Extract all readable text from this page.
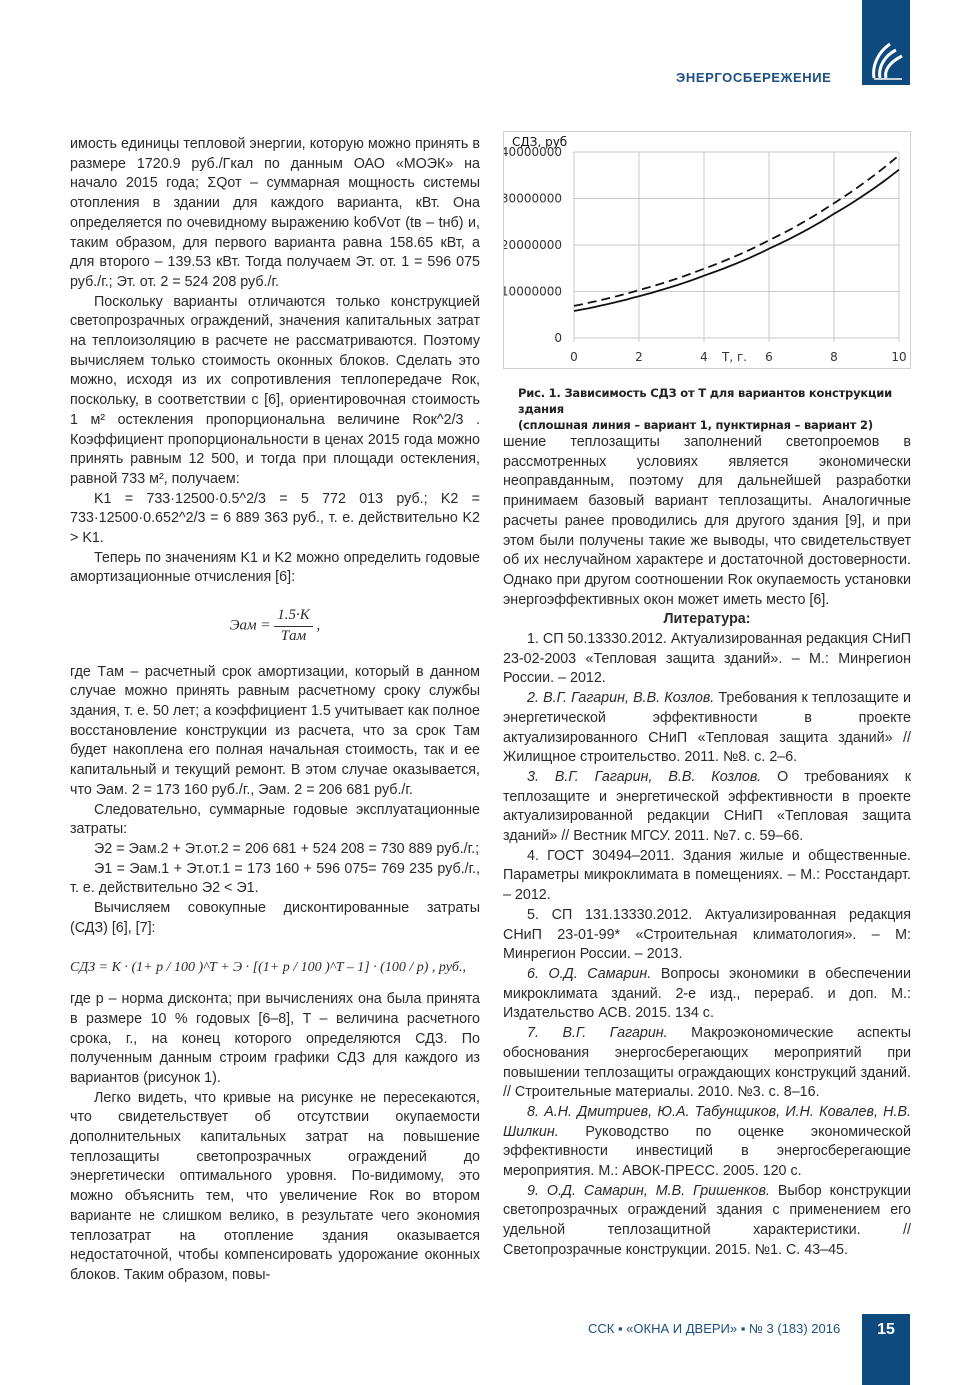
ЭНЕРГОСБЕРЕЖЕНИЕ

имость единицы тепловой энергии, которую можно принять в размере 1720.9 руб./Гкал по данным ОАО «МОЭК» на начало 2015 года; ΣQот – суммарная мощность системы отопления в здании для каждого варианта, кВт. Она определяется по очевидному выражению kобVот (tв – tнб) и, таким образом, для первого варианта равна 158.65 кВт, а для второго – 139.53 кВт. Тогда получаем Эт. от. 1 = 596 075 руб./г.; Эт. от. 2 = 524 208 руб./г.

Поскольку варианты отличаются только конструкцией светопрозрачных ограждений, значения капитальных затрат на теплоизоляцию в расчете не рассматриваются. Поэтому вычисляем только стоимость оконных блоков. Сделать это можно, исходя из их сопротивления теплопередаче Rок, поскольку, в соответствии с [6], ориентировочная стоимость 1 м² остекления пропорциональна величине Rок^2/3 . Коэффициент пропорциональности в ценах 2015 года можно принять равным 12 500, и тогда при площади остекления, равной 733 м², получаем:

K1 = 733·12500·0.5^2/3 = 5 772 013 руб.; K2 = 733·12500·0.652^2/3 = 6 889 363 руб., т. е. действительно K2 > K1.

Теперь по значениям K1 и K2 можно определить годовые амортизационные отчисления [6]:

Эам = $\frac{1.5\cdot K}{\text{Tам}}$ ,

где Tам – расчетный срок амортизации, который в данном случае можно принять равным расчетному сроку службы здания, т. е. 50 лет; а коэффициент 1.5 учитывает как полное восстановление конструкции из расчета, что за срок Tам будет накоплена его полная начальная стоимость, так и ее капитальный и текущий ремонт. В этом случае оказывается, что Эам. 2 = 173 160 руб./г., Эам. 2 = 206 681 руб./г.

Следовательно, суммарные годовые эксплуатационные затраты:

Э2 = Эам.2 + Эт.от.2 = 206 681 + 524 208 = 730 889 руб./г.;

Э1 = Эам.1 + Эт.от.1 = 173 160 + 596 075= 769 235 руб./г., т. е. действительно Э2 < Э1.

Вычисляем совокупные дисконтированные затраты (СДЗ) [6], [7]:

СДЗ = K · (1+ p / 100 )^T + Э · [(1+ p / 100 )^T – 1] · (100 / p) , руб.,

где p – норма дисконта; при вычислениях она была принята в размере 10 % годовых [6–8], T – величина расчетного срока, г., на конец которого определяются СДЗ. По полученным данным строим графики СДЗ для каждого из вариантов (рисунок 1).

Легко видеть, что кривые на рисунке не пересекаются, что свидетельствует об отсутствии окупаемости дополнительных капитальных затрат на повышение теплозащиты светопрозрачных ограждений до энергетически оптимального уровня. По-видимому, это можно объяснить тем, что увеличение Rок во втором варианте не слишком велико, в результате чего экономия теплозатрат на отопление здания оказывается недостаточной, чтобы компенсировать удорожание оконных блоков. Таким образом, повы-

0
10000000
20000000
30000000
40000000
0	2	4	6	8	10
СДЗ, руб
T, г.
Рис. 1. Зависимость СДЗ от Т для вариантов конструкции здания
(сплошная линия – вариант 1, пунктирная – вариант 2)

шение теплозащиты заполнений светопроемов в рассмотренных условиях является экономически неоправданным, поэтому для дальнейшей разработки принимаем базовый вариант теплозащиты. Аналогичные расчеты ранее проводились для другого здания [9], и при этом были получены такие же выводы, что свидетельствует об их неслучайном характере и достаточной достоверности. Однако при другом соотношении Rок окупаемость установки энергоэффективных окон может иметь место [6].

Литература:

1. СП 50.13330.2012. Актуализированная редакция СНиП 23-02-2003 «Тепловая защита зданий». – М.: Минрегион России. – 2012.

2. В.Г. Гагарин, В.В. Козлов. Требования к теплозащите и энергетической эффективности в проекте актуализированного СНиП «Тепловая защита зданий» // Жилищное строительство. 2011. №8. с. 2–6.

3. В.Г. Гагарин, В.В. Козлов. О требованиях к теплозащите и энергетической эффективности в проекте актуализированной редакции СНиП «Тепловая защита зданий» // Вестник МГСУ. 2011. №7. с. 59–66.

4. ГОСТ 30494–2011. Здания жилые и общественные. Параметры микроклимата в помещениях. – М.: Росстандарт. – 2012.

5. СП 131.13330.2012. Актуализированная редакция СНиП 23-01-99* «Строительная климатология». – М: Минрегион России. – 2013.

6. О.Д. Самарин. Вопросы экономики в обеспечении микроклимата зданий. 2-е изд., перераб. и доп. М.: Издательство АСВ. 2015. 134 с.

7. В.Г. Гагарин. Макроэкономические аспекты обоснования энергосберегающих мероприятий при повышении теплозащиты ограждающих конструкций зданий. // Строительные материалы. 2010. №3. с. 8–16.

8. А.Н. Дмитриев, Ю.А. Табунщиков, И.Н. Ковалев, Н.В. Шилкин. Руководство по оценке экономической эффективности инвестиций в энергосберегающие мероприятия. М.: АВОК-ПРЕСС. 2005. 120 с.

9. О.Д. Самарин, М.В. Гришенков. Выбор конструкции светопрозрачных ограждений здания с применением его удельной теплозащитной характеристики. // Светопрозрачные конструкции. 2015. №1. С. 43–45.

ССК ▪ «ОКНА И ДВЕРИ» ▪ № 3 (183) 2016	15
